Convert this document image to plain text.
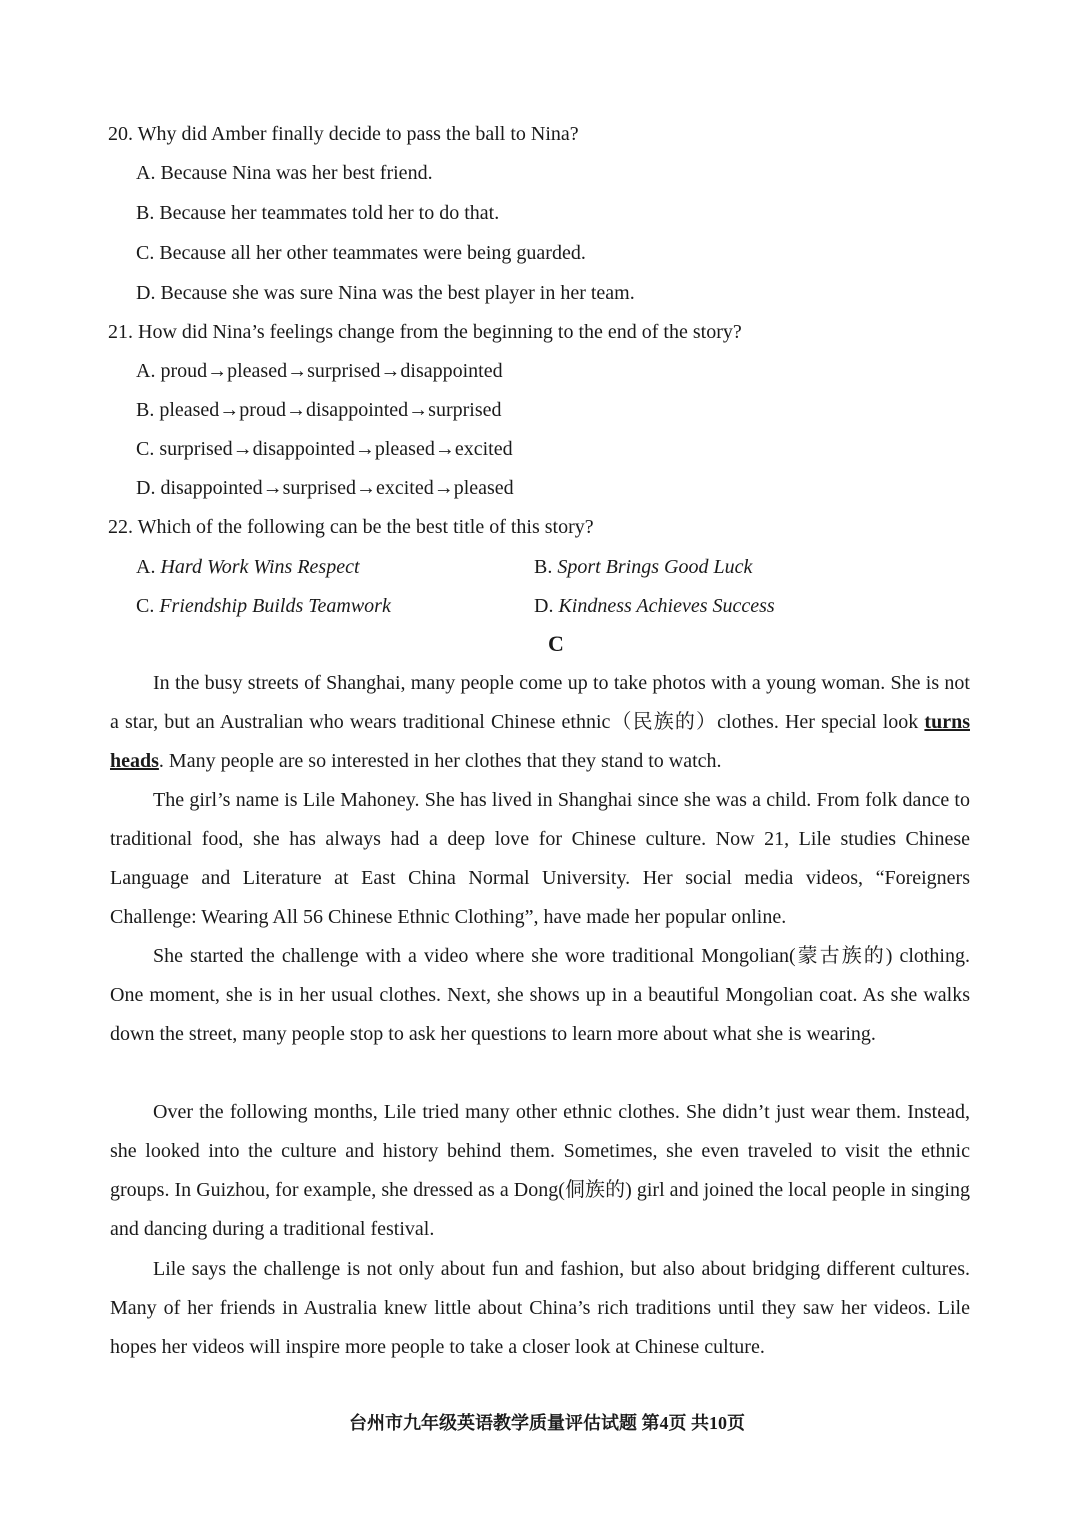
20. Why did Amber finally decide to pass the ball to Nina?
A. Because Nina was her best friend.
B. Because her teammates told her to do that.
C. Because all her other teammates were being guarded.
D. Because she was sure Nina was the best player in her team.
21. How did Nina’s feelings change from the beginning to the end of the story?
A. proud→pleased→surprised→disappointed
B. pleased→proud→disappointed→surprised
C. surprised→disappointed→pleased→excited
D. disappointed→surprised→excited→pleased
22. Which of the following can be the best title of this story?
A. Hard Work Wins Respect	B. Sport Brings Good Luck
C. Friendship Builds Teamwork	D. Kindness Achieves Success
C
In the busy streets of Shanghai, many people come up to take photos with a young woman. She is not a star, but an Australian who wears traditional Chinese ethnic（民族的）clothes. Her special look turns heads. Many people are so interested in her clothes that they stand to watch.
The girl’s name is Lile Mahoney. She has lived in Shanghai since she was a child. From folk dance to traditional food, she has always had a deep love for Chinese culture. Now 21, Lile studies Chinese Language and Literature at East China Normal University. Her social media videos, “Foreigners Challenge: Wearing All 56 Chinese Ethnic Clothing”, have made her popular online.
She started the challenge with a video where she wore traditional Mongolian(蒙古族的) clothing. One moment, she is in her usual clothes. Next, she shows up in a beautiful Mongolian coat. As she walks down the street, many people stop to ask her questions to learn more about what she is wearing.
Over the following months, Lile tried many other ethnic clothes. She didn’t just wear them. Instead, she looked into the culture and history behind them. Sometimes, she even traveled to visit the ethnic groups. In Guizhou, for example, she dressed as a Dong(侗族的) girl and joined the local people in singing and dancing during a traditional festival.
Lile says the challenge is not only about fun and fashion, but also about bridging different cultures. Many of her friends in Australia knew little about China’s rich traditions until they saw her videos. Lile hopes her videos will inspire more people to take a closer look at Chinese culture.
台州市九年级英语教学质量评估试题 第4页 共10页
